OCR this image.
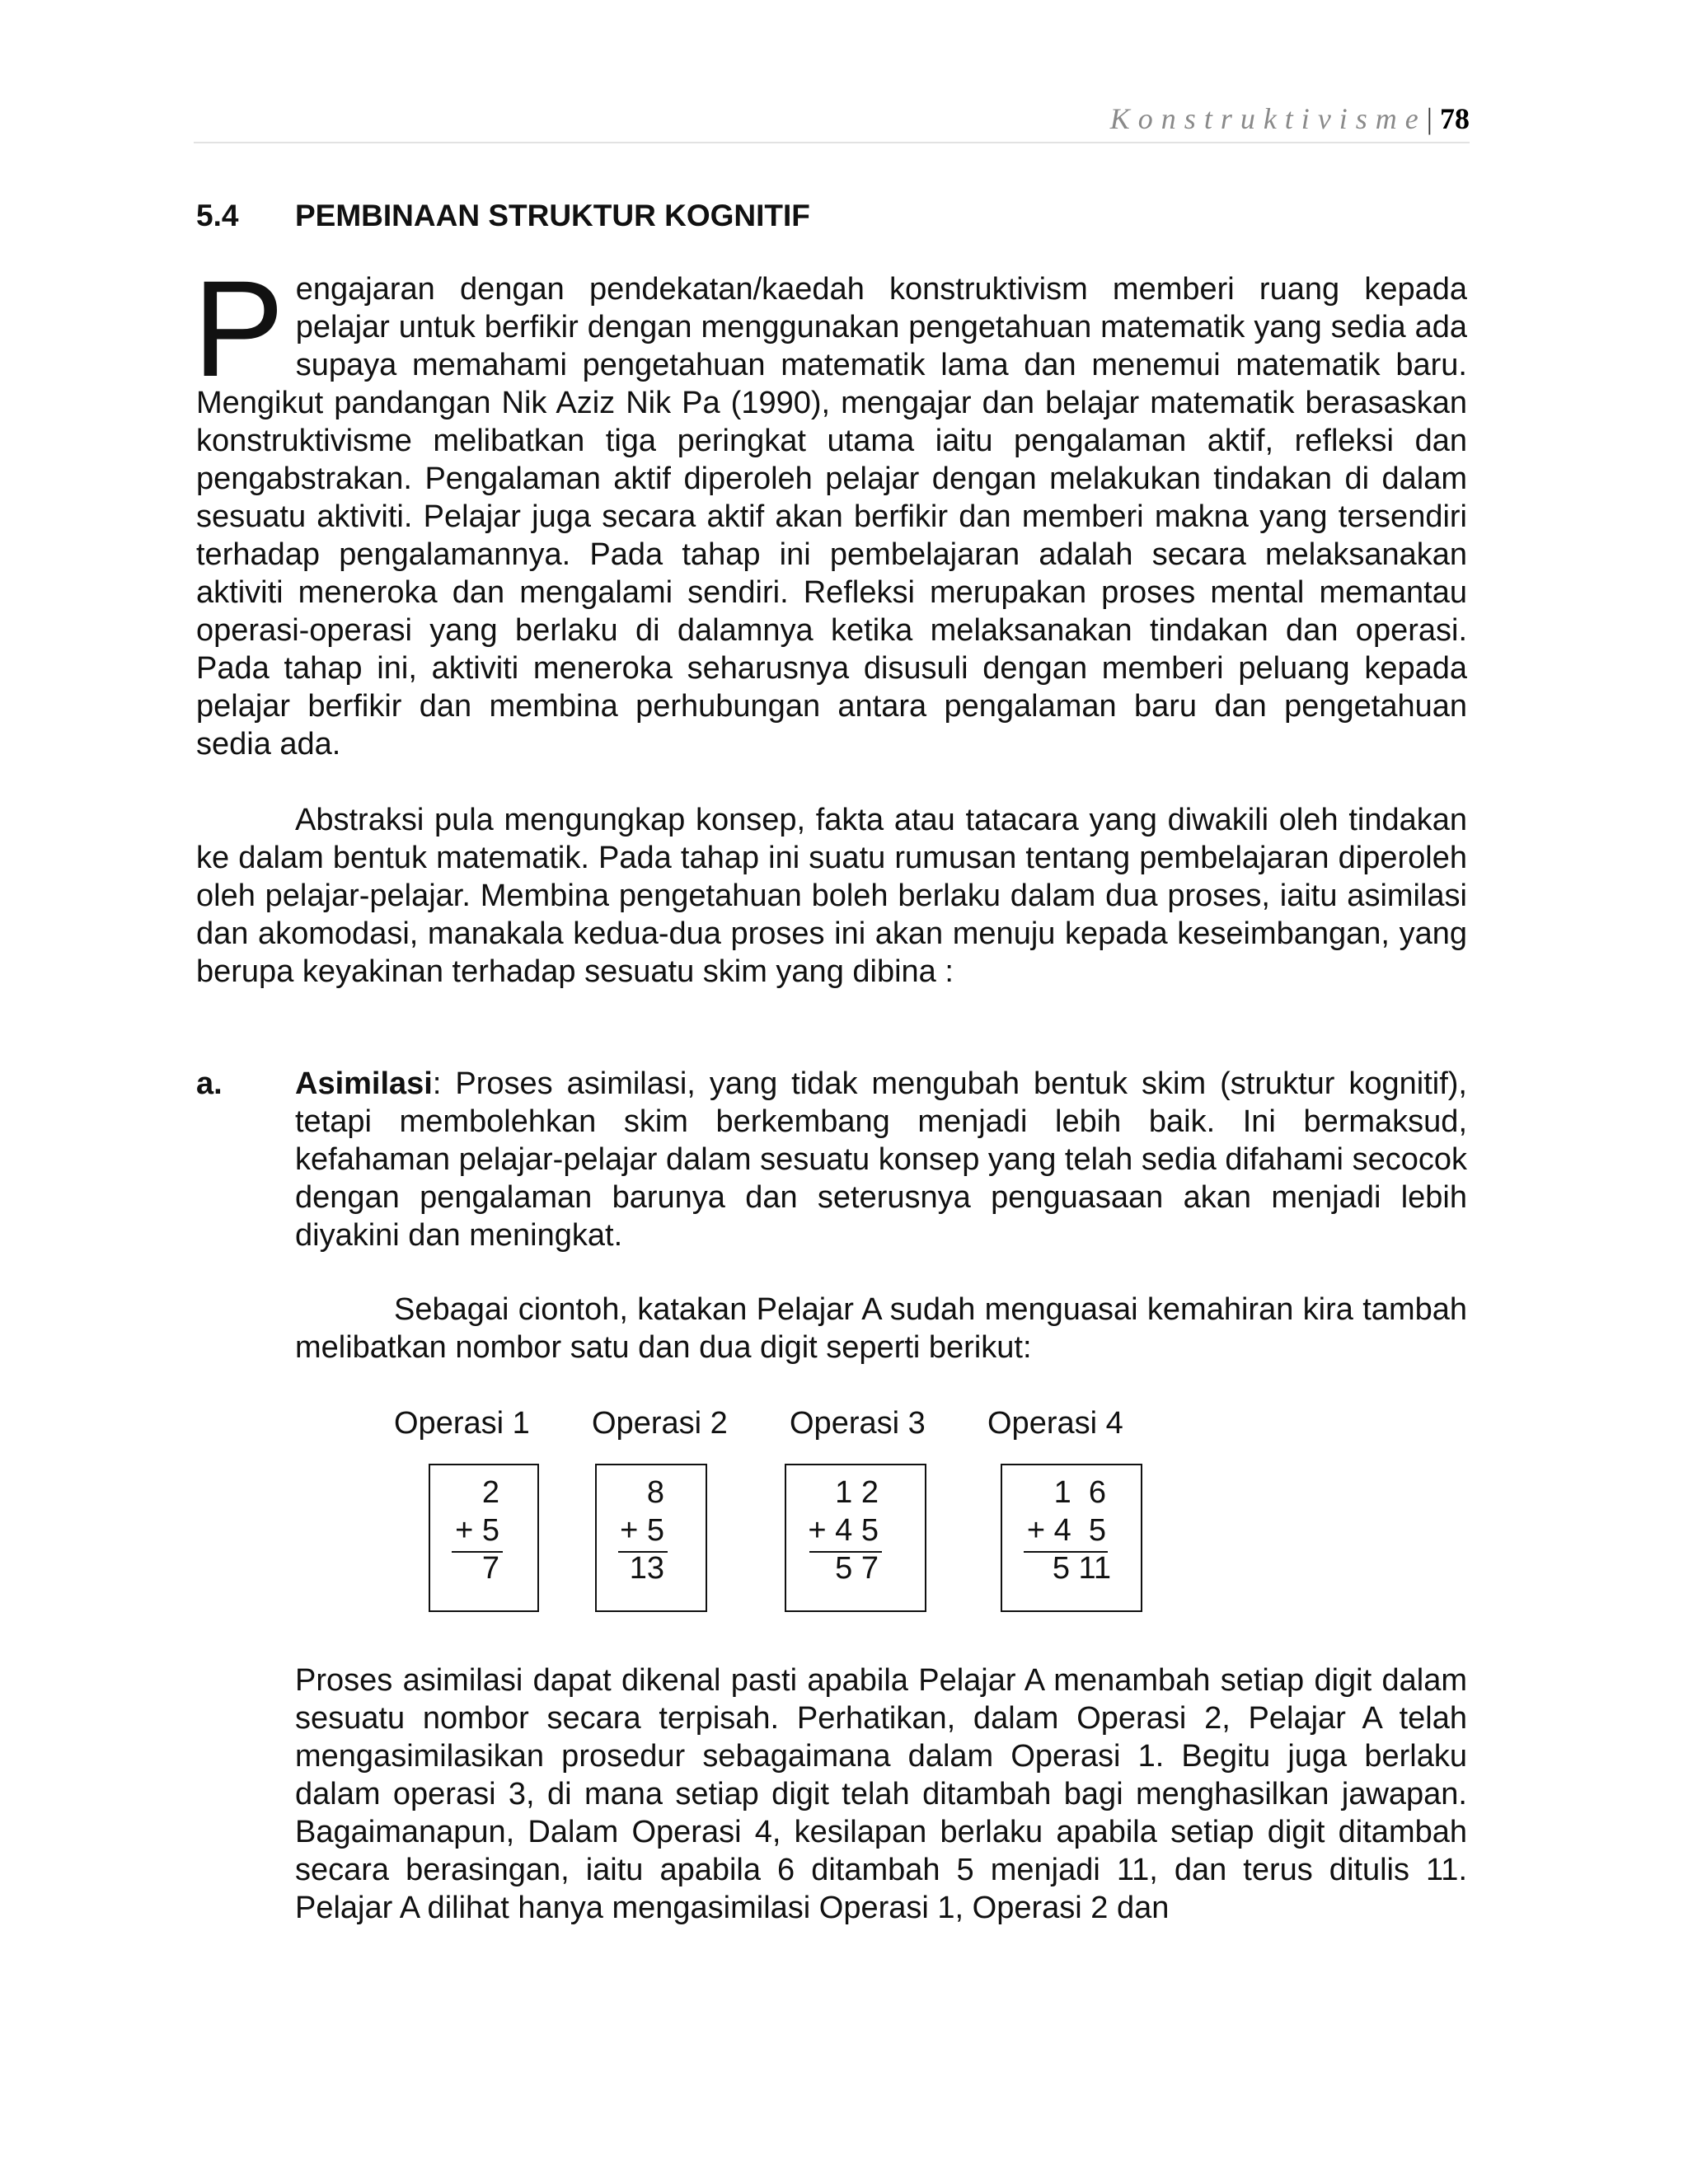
Konstruktivisme| 78
5.4 PEMBINAAN STRUKTUR KOGNITIF

Pengajaran dengan pendekatan/kaedah konstruktivism memberi ruang kepada pelajar untuk berfikir dengan menggunakan pengetahuan matematik yang sedia ada supaya memahami pengetahuan matematik lama dan menemui matematik baru. Mengikut pandangan Nik Aziz Nik Pa (1990), mengajar dan belajar matematik berasaskan konstruktivisme melibatkan tiga peringkat utama iaitu pengalaman aktif, refleksi dan pengabstrakan. Pengalaman aktif diperoleh pelajar dengan melakukan tindakan di dalam sesuatu aktiviti. Pelajar juga secara aktif akan berfikir dan memberi makna yang tersendiri terhadap pengalamannya. Pada tahap ini pembelajaran adalah secara melaksanakan aktiviti meneroka dan mengalami sendiri. Refleksi merupakan proses mental memantau operasi-operasi yang berlaku di dalamnya ketika melaksanakan tindakan dan operasi. Pada tahap ini, aktiviti meneroka seharusnya disusuli dengan memberi peluang kepada pelajar berfikir dan membina perhubungan antara pengalaman baru dan pengetahuan sedia ada.

Abstraksi pula mengungkap konsep, fakta atau tatacara yang diwakili oleh tindakan ke dalam bentuk matematik. Pada tahap ini suatu rumusan tentang pembelajaran diperoleh oleh pelajar-pelajar. Membina pengetahuan boleh berlaku dalam dua proses, iaitu asimilasi dan akomodasi, manakala kedua-dua proses ini akan menuju kepada keseimbangan, yang berupa keyakinan terhadap sesuatu skim yang dibina :

a. Asimilasi: Proses asimilasi, yang tidak mengubah bentuk skim (struktur kognitif), tetapi membolehkan skim berkembang menjadi lebih baik. Ini bermaksud, kefahaman pelajar-pelajar dalam sesuatu konsep yang telah sedia difahami secocok dengan pengalaman barunya dan seterusnya penguasaan akan menjadi lebih diyakini dan meningkat.

Sebagai ciontoh, katakan Pelajar A sudah menguasai kemahiran kira tambah melibatkan nombor satu dan dua digit seperti berikut:

Operasi 1 Operasi 2 Operasi 3 Operasi 4
2
+ 5
7
8
+ 5
13
1 2
+ 4 5
5 7
1  6
+ 4  5
5 11

Proses asimilasi dapat dikenal pasti apabila Pelajar A menambah setiap digit dalam sesuatu nombor secara terpisah. Perhatikan, dalam Operasi 2, Pelajar A telah mengasimilasikan prosedur sebagaimana dalam Operasi 1. Begitu juga berlaku dalam operasi 3, di mana setiap digit telah ditambah bagi menghasilkan jawapan. Bagaimanapun, Dalam Operasi 4, kesilapan berlaku apabila setiap digit ditambah secara berasingan, iaitu apabila 6 ditambah 5 menjadi 11, dan terus ditulis 11. Pelajar A dilihat hanya mengasimilasi Operasi 1, Operasi 2 dan
